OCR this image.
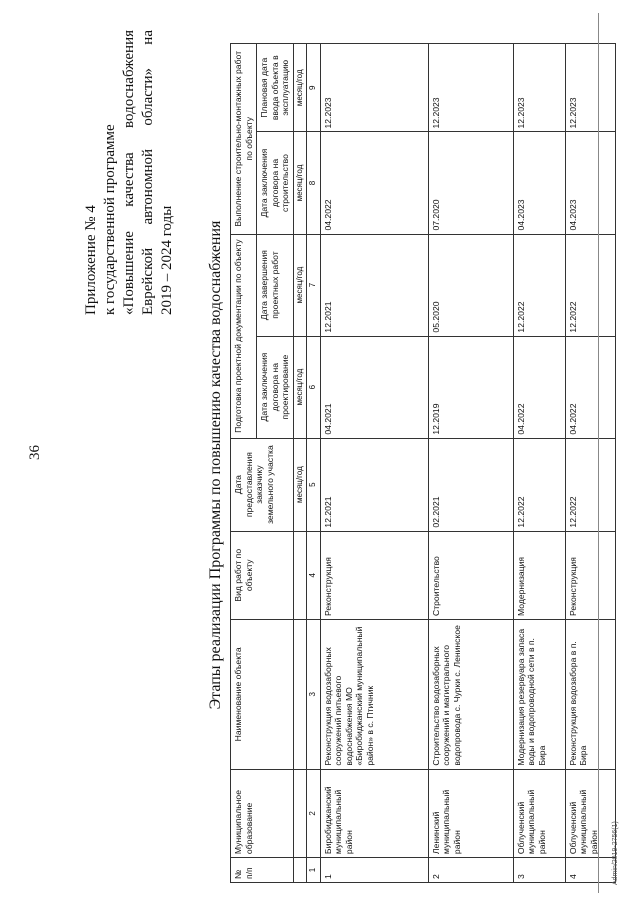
36
Приложение № 4 к государственной программе «Повышение
качества
водоснабжения
Еврейской
автономной
области»
на
2019 – 2024 годы Этапы реализации Программы по повышению качества водоснабжения
№ п/п	Муниципальное образование	Наименование объекта	Вид работ по объекту	Дата предоставления заказчику земельного участка	Подготовка проектной документации по объекту		Выполнение строительно-монтажных работ по объекту	
					Дата заключения договора на проектирование	Дата завершения проектных работ	Дата заключения договора на строительство	Плановая дата ввода объекта в эксплуатацию
				месяц/год	месяц/год	месяц/год	месяц/год	месяц/год
1	2	3	4	5	6	7	8	9
1	Биробиджанский муниципальный район	Реконструкция водозаборных сооружений питьевого водоснабжения МО «Биробиджанский муниципальный район» в с. Птичник	Реконструкция	12.2021	04.2021	12.2021	04.2022	12.2023
2	Ленинский муниципальный район	Строительство водозаборных сооружений и магистрального водопровода с. Чурки с. Ленинское	Строительство	02.2021	12.2019	05.2020	07.2020	12.2023
3	Облученский муниципальный район	Модернизация резервуара запаса воды и водопроводной сети в п. Бира	Модернизация	12.2022	04.2022	12.2022	04.2023	12.2023
4	Облученский муниципальный район	Реконструкция водозабора в п. Бира	Реконструкция	12.2022	04.2022	12.2022	04.2023	12.2023
Admin/2019-2756(1)
